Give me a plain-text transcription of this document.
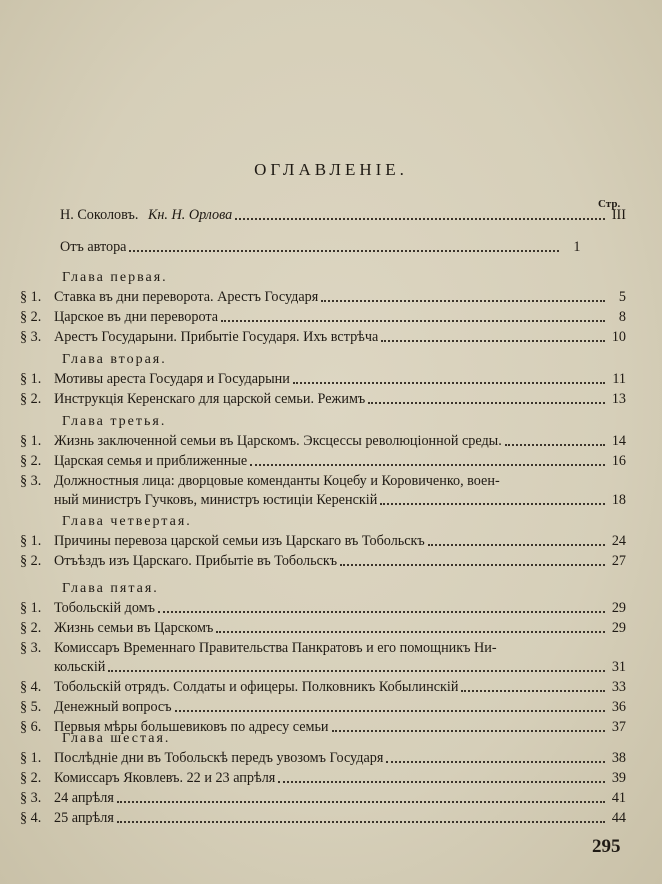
ОГЛАВЛЕНІЕ.
Стр.
Н. Соколовъ. Кн. Н. Орлова	III
Отъ автора	1
Глава первая.
§ 1. Ставка въ дни переворота. Арестъ Государя	5
§ 2. Царское въ дни переворота	8
§ 3. Арестъ Государыни. Прибытіе Государя. Ихъ встрѣча	10
Глава вторая.
§ 1. Мотивы ареста Государя и Государыни	11
§ 2. Инструкція Керенскаго для царской семьи. Режимъ	13
Глава третья.
§ 1. Жизнь заключенной семьи въ Царскомъ. Эксцессы революціонной среды.	14
§ 2. Царская семья и приближенные	16
§ 3. Должностныя лица: дворцовые коменданты Коцебу и Коровиченко, воен-
ный министръ Гучковъ, министръ юстиціи Керенскій	18
Глава четвертая.
§ 1. Причины перевоза царской семьи изъ Царскаго въ Тобольскъ	24
§ 2. Отъѣздъ изъ Царскаго. Прибытіе въ Тобольскъ	27
Глава пятая.
§ 1. Тобольскій домъ	29
§ 2. Жизнь семьи въ Царскомъ	29
§ 3. Комиссаръ Временнаго Правительства Панкратовъ и его помощникъ Ни-
кольскій	31
§ 4. Тобольскій отрядъ. Солдаты и офицеры. Полковникъ Кобылинскій	33
§ 5. Денежный вопросъ	36
§ 6. Первыя мѣры большевиковъ по адресу семьи	37
Глава шестая.
§ 1. Послѣдніе дни въ Тобольскѣ передъ увозомъ Государя	38
§ 2. Комиссаръ Яковлевъ. 22 и 23 апрѣля	39
§ 3. 24 апрѣля	41
§ 4. 25 апрѣля	44
295
